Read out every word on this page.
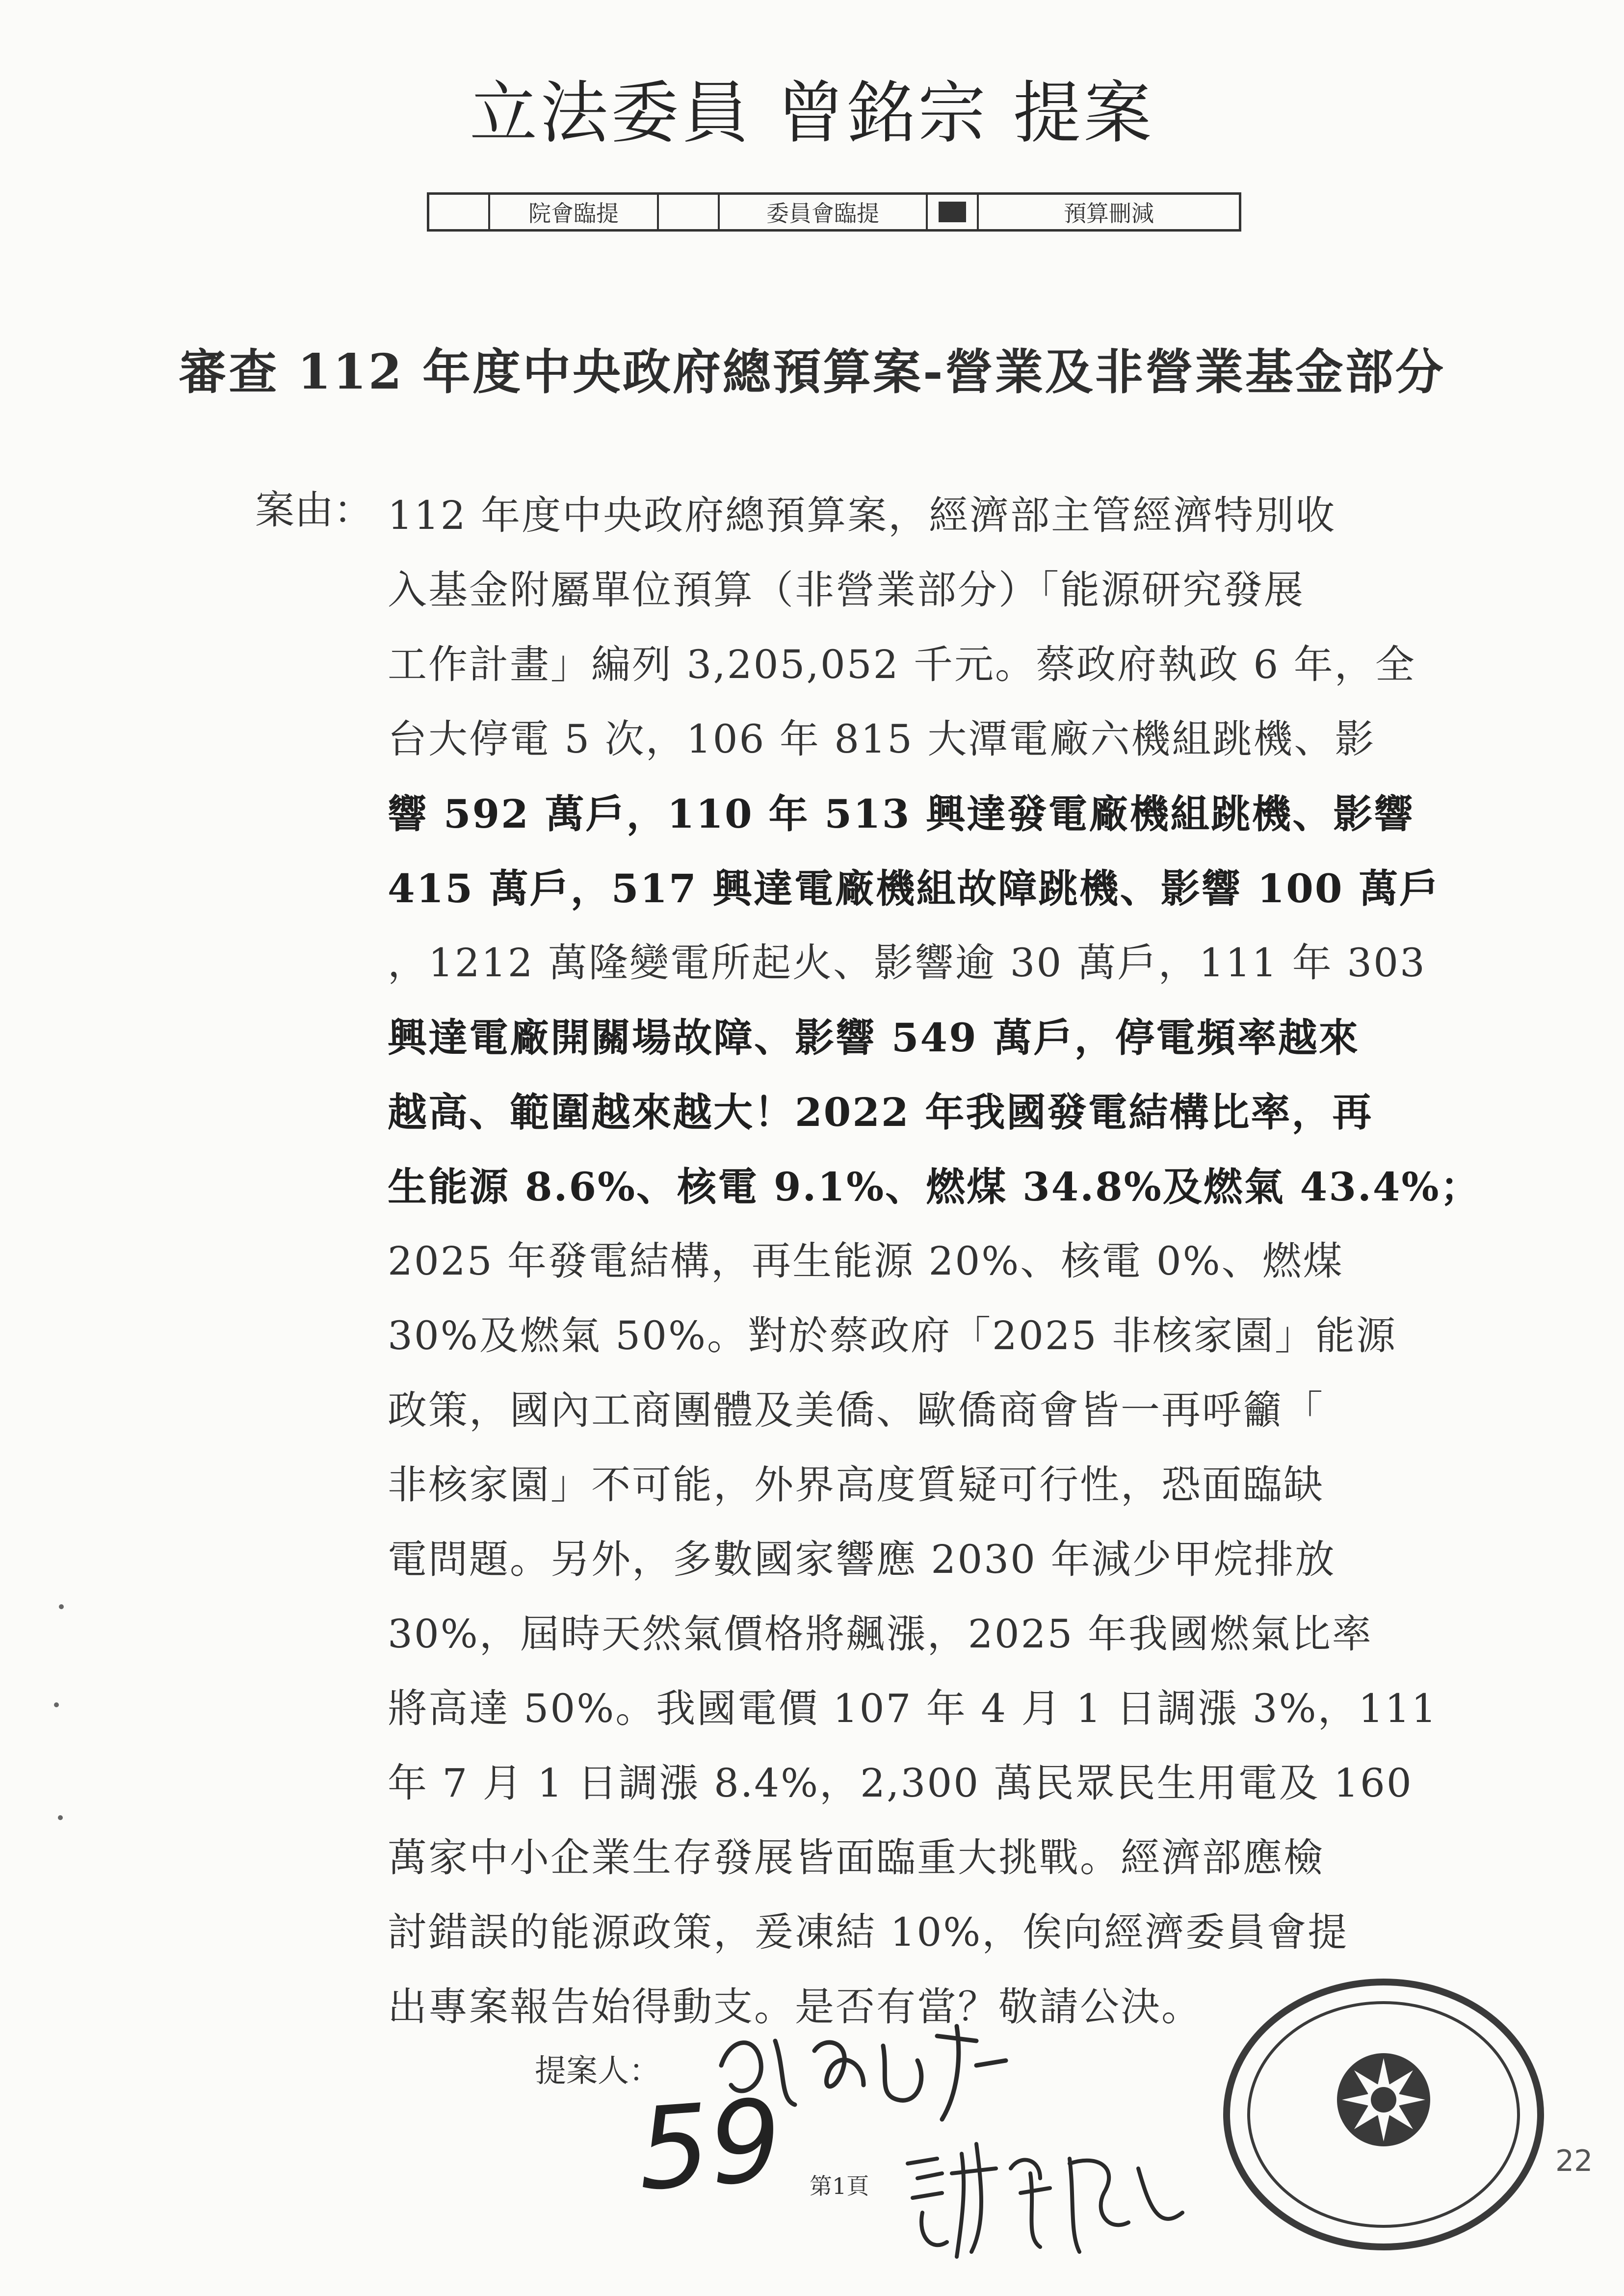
立法委員 曾銘宗 提案
院會臨提	委員會臨提	預算刪減
審查 112 年度中央政府總預算案-營業及非營業基金部分
案由： 112 年度中央政府總預算案，經濟部主管經濟特別收
入基金附屬單位預算（非營業部分）「能源研究發展
工作計畫」編列 3,205,052 千元。蔡政府執政 6 年，全
台大停電 5 次，106 年 815 大潭電廠六機組跳機、影
響 592 萬戶，110 年 513 興達發電廠機組跳機、影響
415 萬戶，517 興達電廠機組故障跳機、影響 100 萬戶
，1212 萬隆變電所起火、影響逾 30 萬戶，111 年 303
興達電廠開關場故障、影響 549 萬戶，停電頻率越來
越高、範圍越來越大！2022 年我國發電結構比率，再
生能源 8.6%、核電 9.1%、燃煤 34.8%及燃氣 43.4%；
2025 年發電結構，再生能源 20%、核電 0%、燃煤
30%及燃氣 50%。對於蔡政府「2025 非核家園」能源
政策，國內工商團體及美僑、歐僑商會皆一再呼籲「
非核家園」不可能，外界高度質疑可行性，恐面臨缺
電問題。另外，多數國家響應 2030 年減少甲烷排放
30%，屆時天然氣價格將飆漲，2025 年我國燃氣比率
將高達 50%。我國電價 107 年 4 月 1 日調漲 3%，111
年 7 月 1 日調漲 8.4%，2,300 萬民眾民生用電及 160
萬家中小企業生存發展皆面臨重大挑戰。經濟部應檢
討錯誤的能源政策，爰凍結 10%，俟向經濟委員會提
出專案報告始得動支。是否有當？敬請公決。
提案人：
59 第1頁
22
